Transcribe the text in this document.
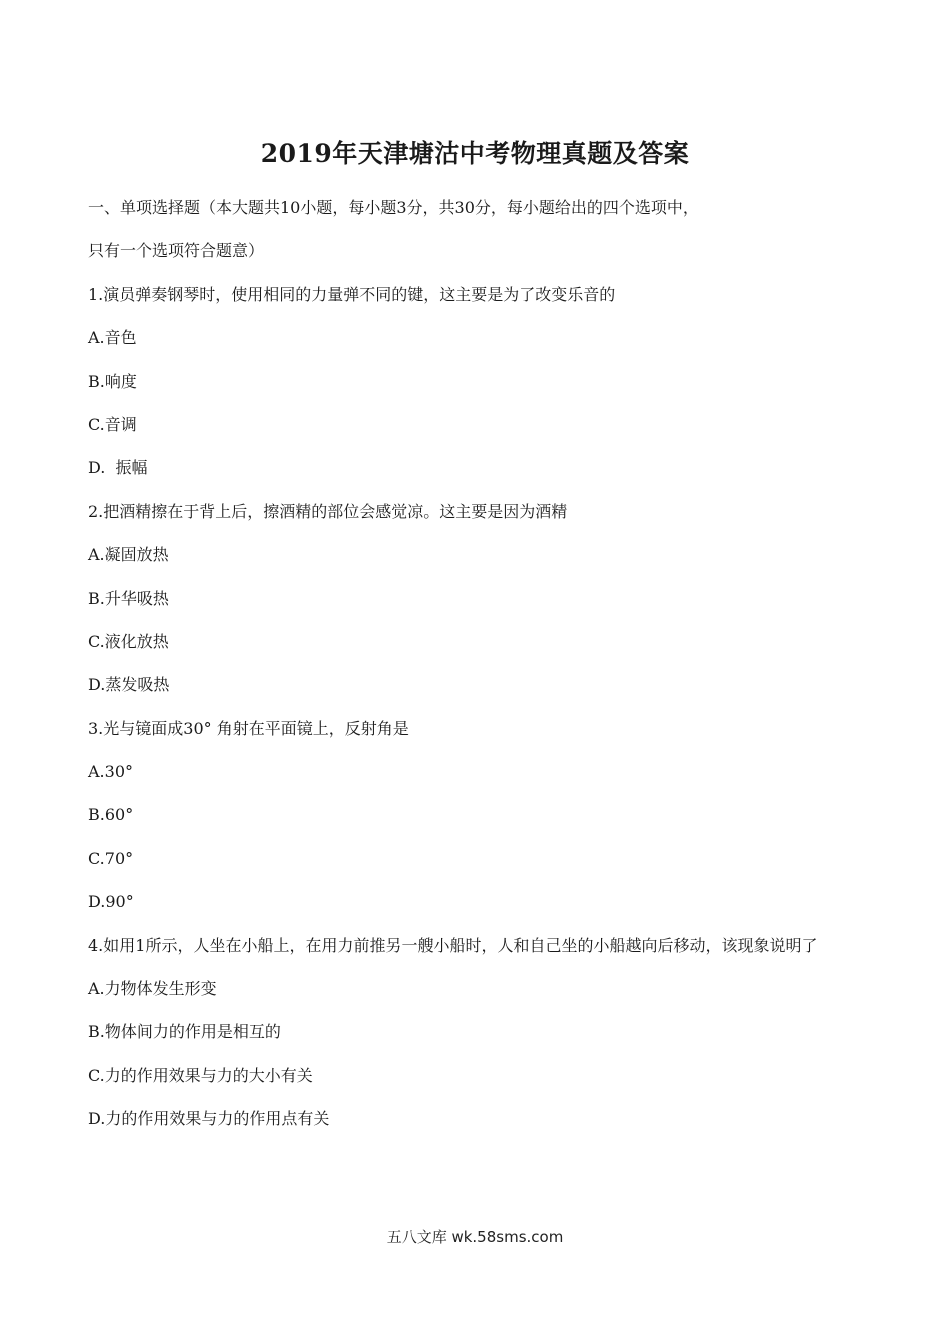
2019年天津塘沽中考物理真题及答案
一、单项选择题（本大题共10小题，每小题3分，共30分，每小题给出的四个选项中，
只有一个选项符合题意）
1.演员弹奏钢琴时，使用相同的力量弹不同的键，这主要是为了改变乐音的
A.音色
B.响度
C.音调
D.  振幅
2.把酒精擦在于背上后，擦酒精的部位会感觉凉。这主要是因为酒精
A.凝固放热
B.升华吸热
C.液化放热
D.蒸发吸热
3.光与镜面成30° 角射在平面镜上，反射角是
A.30°
B.60°
C.70°
D.90°
4.如用1所示，人坐在小船上，在用力前推另一艘小船时，人和自己坐的小船越向后移动，该现象说明了
A.力物体发生形变
B.物体间力的作用是相互的
C.力的作用效果与力的大小有关
D.力的作用效果与力的作用点有关
五八文库 wk.58sms.com
